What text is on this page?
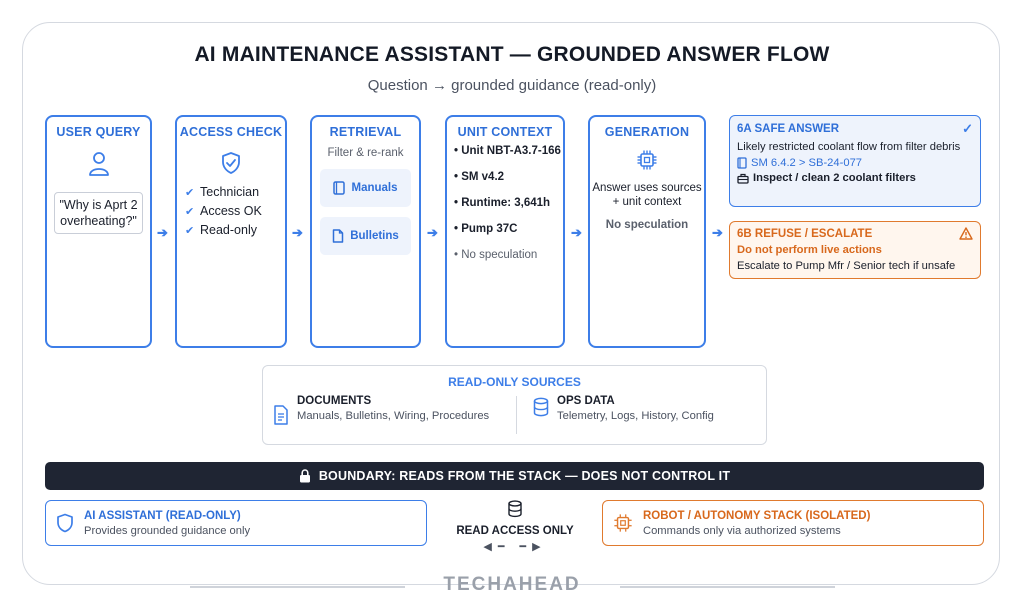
AI MAINTENANCE ASSISTANT — GROUNDED ANSWER FLOW
Question → grounded guidance (read-only)
USER QUERY
"Why is Aprt 2 overheating?"
➔
ACCESS CHECK
✔ Technician
✔ Access OK
✔ Read-only	➔
RETRIEVAL
Filter & re-rank
Manuals
Bulletins ➔
UNIT CONTEXT
• Unit NBT-A3.7-166
• SM v4.2
• Runtime: 3,641h
• Pump 37C
• No speculation
➔
GENERATION
Answer uses sources + unit context
No speculation	➔
6A SAFE ANSWER	✓
Likely restricted coolant flow from filter debris
SM 6.4.2 > SB-24-077
Inspect / clean 2 coolant filters
6B REFUSE / ESCALATE
Do not perform live actions
Escalate to Pump Mfr / Senior tech if unsafe
READ-ONLY SOURCES
DOCUMENTS
Manuals, Bulletins, Wiring, Procedures
OPS DATA
Telemetry, Logs, History, Config
BOUNDARY: READS FROM THE STACK — DOES NOT CONTROL IT
AI ASSISTANT (READ-ONLY)
Provides grounded guidance only	READ ACCESS ONLY
◀━ ━▶
ROBOT / AUTONOMY STACK (ISOLATED)
Commands only via authorized systems
TECHAHEAD
